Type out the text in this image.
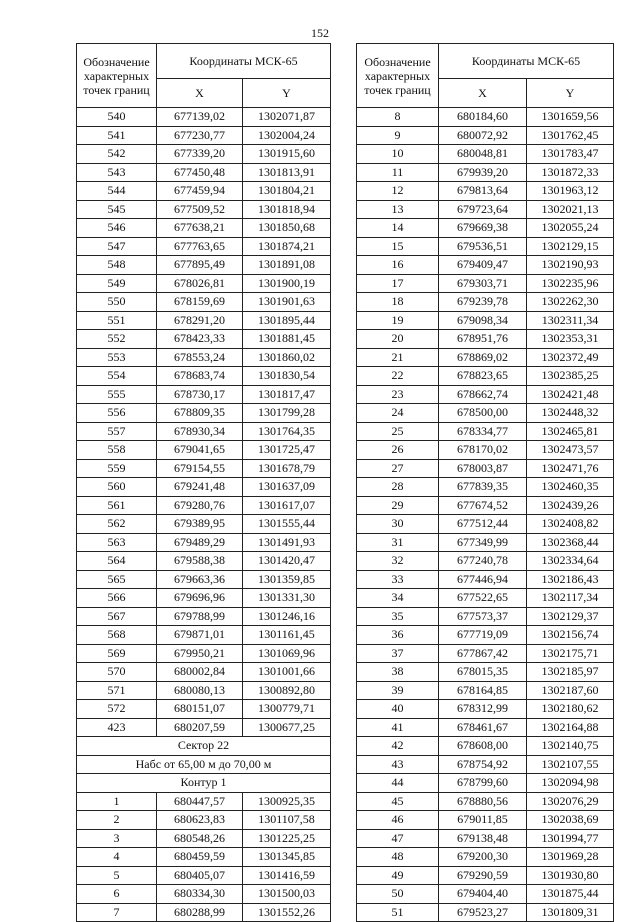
152
Обозначение характерных точек границ	Координаты МСК-65	
	X	Y
540	677139,02	1302071,87
541	677230,77	1302004,24
542	677339,20	1301915,60
543	677450,48	1301813,91
544	677459,94	1301804,21
545	677509,52	1301818,94
546	677638,21	1301850,68
547	677763,65	1301874,21
548	677895,49	1301891,08
549	678026,81	1301900,19
550	678159,69	1301901,63
551	678291,20	1301895,44
552	678423,33	1301881,45
553	678553,24	1301860,02
554	678683,74	1301830,54
555	678730,17	1301817,47
556	678809,35	1301799,28
557	678930,34	1301764,35
558	679041,65	1301725,47
559	679154,55	1301678,79
560	679241,48	1301637,09
561	679280,76	1301617,07
562	679389,95	1301555,44
563	679489,29	1301491,93
564	679588,38	1301420,47
565	679663,36	1301359,85
566	679696,96	1301331,30
567	679788,99	1301246,16
568	679871,01	1301161,45
569	679950,21	1301069,96
570	680002,84	1301001,66
571	680080,13	1300892,80
572	680151,07	1300779,71
423	680207,59	1300677,25
Сектор 22		
Набс от 65,00 м до 70,00 м		
Контур 1		
1	680447,57	1300925,35
2	680623,83	1301107,58
3	680548,26	1301225,25
4	680459,59	1301345,85
5	680405,07	1301416,59
6	680334,30	1301500,03
7	680288,99	1301552,26
Обозначение характерных точек границ	Координаты МСК-65	
	X	Y
8	680184,60	1301659,56
9	680072,92	1301762,45
10	680048,81	1301783,47
11	679939,20	1301872,33
12	679813,64	1301963,12
13	679723,64	1302021,13
14	679669,38	1302055,24
15	679536,51	1302129,15
16	679409,47	1302190,93
17	679303,71	1302235,96
18	679239,78	1302262,30
19	679098,34	1302311,34
20	678951,76	1302353,31
21	678869,02	1302372,49
22	678823,65	1302385,25
23	678662,74	1302421,48
24	678500,00	1302448,32
25	678334,77	1302465,81
26	678170,02	1302473,57
27	678003,87	1302471,76
28	677839,35	1302460,35
29	677674,52	1302439,26
30	677512,44	1302408,82
31	677349,99	1302368,44
32	677240,78	1302334,64
33	677446,94	1302186,43
34	677522,65	1302117,34
35	677573,37	1302129,37
36	677719,09	1302156,74
37	677867,42	1302175,71
38	678015,35	1302185,97
39	678164,85	1302187,60
40	678312,99	1302180,62
41	678461,67	1302164,88
42	678608,00	1302140,75
43	678754,92	1302107,55
44	678799,60	1302094,98
45	678880,56	1302076,29
46	679011,85	1302038,69
47	679138,48	1301994,77
48	679200,30	1301969,28
49	679290,59	1301930,80
50	679404,40	1301875,44
51	679523,27	1301809,31
